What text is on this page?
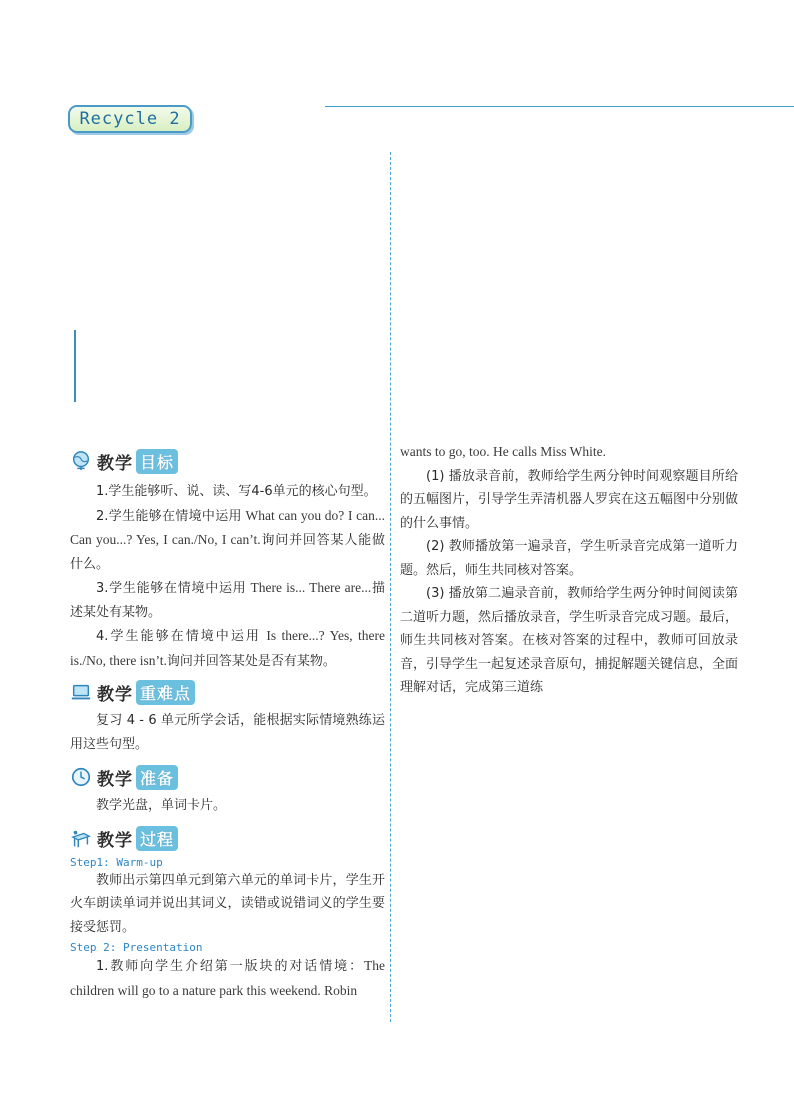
Recycle 2
教学 目标
1.学生能够听、说、读、写4-6单元的核心句型。
2.学生能够在情境中运用 What can you do? I can... Can you...? Yes, I can./No, I can’t.询问并回答某人能做什么。
3.学生能够在情境中运用 There is... There are...描述某处有某物。
4.学生能够在情境中运用 Is there...? Yes, there is./No, there isn’t.询问并回答某处是否有某物。
教学 重难点
复习 4 - 6 单元所学会话，能根据实际情境熟练运用这些句型。
教学 准备
教学光盘，单词卡片。
教学 过程
Step1: Warm-up
教师出示第四单元到第六单元的单词卡片，学生开火车朗读单词并说出其词义，读错或说错词义的学生要接受惩罚。
Step 2: Presentation
1.教师向学生介绍第一版块的对话情境：The children will go to a nature park this weekend. Robin
wants to go, too. He calls Miss White.
(1) 播放录音前，教师给学生两分钟时间观察题目所给的五幅图片，引导学生弄清机器人罗宾在这五幅图中分别做的什么事情。
(2) 教师播放第一遍录音，学生听录音完成第一道听力题。然后，师生共同核对答案。
(3) 播放第二遍录音前，教师给学生两分钟时间阅读第二道听力题，然后播放录音，学生听录音完成习题。最后，师生共同核对答案。在核对答案的过程中，教师可回放录音，引导学生一起复述录音原句，捕捉解题关键信息，全面理解对话，完成第三道练
